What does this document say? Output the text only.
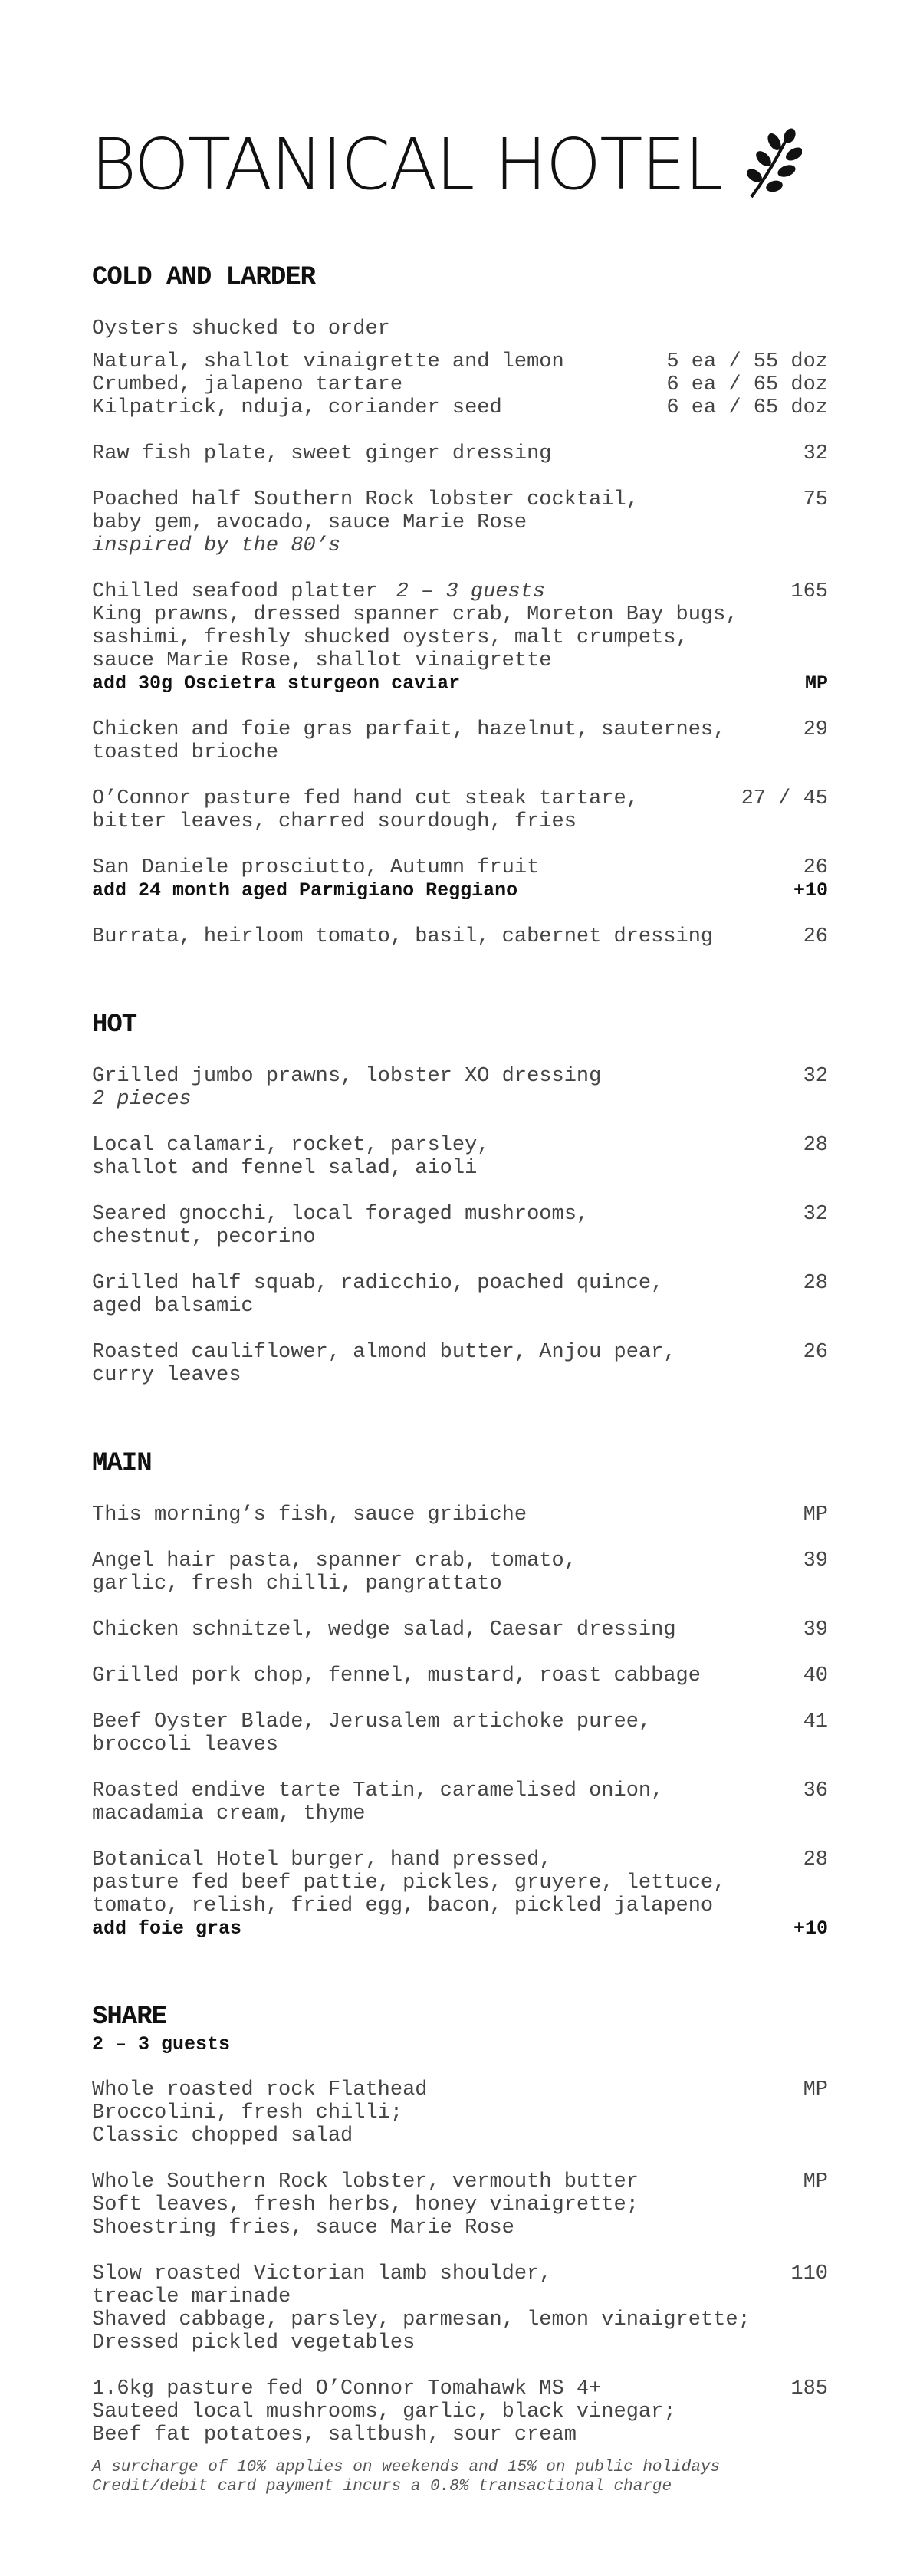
BOTANICAL HOTEL
COLD AND LARDER
Oysters shucked to order
Natural, shallot vinaigrette and lemon	5 ea / 55 doz
Crumbed, jalapeno tartare	6 ea / 65 doz
Kilpatrick, nduja, coriander seed	6 ea / 65 doz
Raw fish plate, sweet ginger dressing	32
Poached half Southern Rock lobster cocktail,	75
baby gem, avocado, sauce Marie Rose
inspired by the 80’s
Chilled seafood platter 2 – 3 guests	165
King prawns, dressed spanner crab, Moreton Bay bugs,
sashimi, freshly shucked oysters, malt crumpets,
sauce Marie Rose, shallot vinaigrette
add 30g Oscietra sturgeon caviar	MP
Chicken and foie gras parfait, hazelnut, sauternes,	29
toasted brioche
O’Connor pasture fed hand cut steak tartare,	27 / 45
bitter leaves, charred sourdough, fries
San Daniele prosciutto, Autumn fruit	26
add 24 month aged Parmigiano Reggiano	+10
Burrata, heirloom tomato, basil, cabernet dressing	26
HOT
Grilled jumbo prawns, lobster XO dressing	32
2 pieces
Local calamari, rocket, parsley,	28
shallot and fennel salad, aioli
Seared gnocchi, local foraged mushrooms,	32
chestnut, pecorino
Grilled half squab, radicchio, poached quince,	28
aged balsamic
Roasted cauliflower, almond butter, Anjou pear,	26
curry leaves
MAIN
This morning’s fish, sauce gribiche	MP
Angel hair pasta, spanner crab, tomato,	39
garlic, fresh chilli, pangrattato
Chicken schnitzel, wedge salad, Caesar dressing	39
Grilled pork chop, fennel, mustard, roast cabbage	40
Beef Oyster Blade, Jerusalem artichoke puree,	41
broccoli leaves
Roasted endive tarte Tatin, caramelised onion,	36
macadamia cream, thyme
Botanical Hotel burger, hand pressed,	28
pasture fed beef pattie, pickles, gruyere, lettuce,
tomato, relish, fried egg, bacon, pickled jalapeno
add foie gras	+10
SHARE
2 – 3 guests
Whole roasted rock Flathead	MP
Broccolini, fresh chilli;
Classic chopped salad
Whole Southern Rock lobster, vermouth butter	MP
Soft leaves, fresh herbs, honey vinaigrette;
Shoestring fries, sauce Marie Rose
Slow roasted Victorian lamb shoulder,	110
treacle marinade
Shaved cabbage, parsley, parmesan, lemon vinaigrette;
Dressed pickled vegetables
1.6kg pasture fed O’Connor Tomahawk MS 4+	185
Sauteed local mushrooms, garlic, black vinegar;
Beef fat potatoes, saltbush, sour cream
A surcharge of 10% applies on weekends and 15% on public holidays
Credit/debit card payment incurs a 0.8% transactional charge
